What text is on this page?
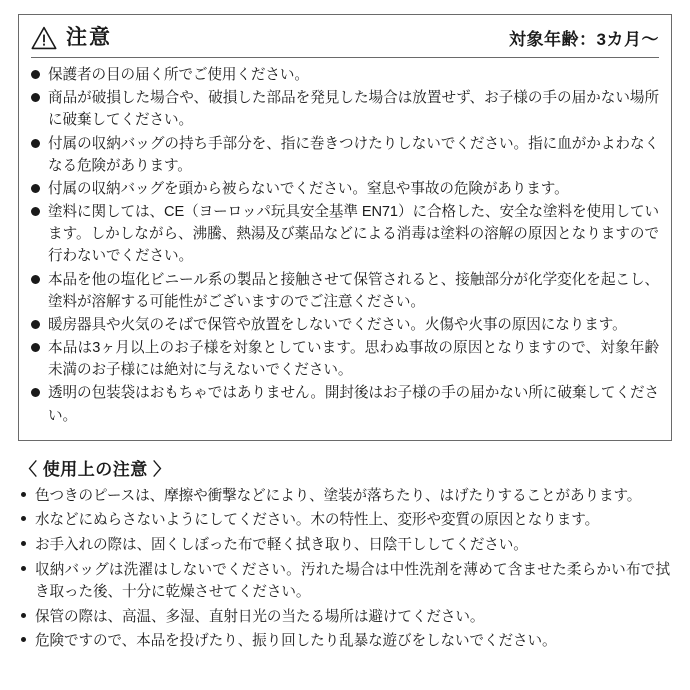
注意	対象年齢：3カ月〜
保護者の目の届く所でご使用ください。
商品が破損した場合や、破損した部品を発見した場合は放置せず、お子様の手の届かない場所に破棄してください。
付属の収納バッグの持ち手部分を、指に巻きつけたりしないでください。指に血がかよわなくなる危険があります。
付属の収納バッグを頭から被らないでください。窒息や事故の危険があります。
塗料に関しては、CE（ヨーロッパ玩具安全基準 EN71）に合格した、安全な塗料を使用しています。しかしながら、沸騰、熱湯及び薬品などによる消毒は塗料の溶解の原因となりますので行わないでください。
本品を他の塩化ビニール系の製品と接触させて保管されると、接触部分が化学変化を起こし、塗料が溶解する可能性がございますのでご注意ください。
暖房器具や火気のそばで保管や放置をしないでください。火傷や火事の原因になります。
本品は3ヶ月以上のお子様を対象としています。思わぬ事故の原因となりますので、対象年齢未満のお子様には絶対に与えないでください。
透明の包装袋はおもちゃではありません。開封後はお子様の手の届かない所に破棄してください。
〈 使用上の注意 〉
色つきのピースは、摩擦や衝撃などにより、塗装が落ちたり、はげたりすることがあります。
水などにぬらさないようにしてください。木の特性上、変形や変質の原因となります。
お手入れの際は、固くしぼった布で軽く拭き取り、日陰干ししてください。
収納バッグは洗濯はしないでください。汚れた場合は中性洗剤を薄めて含ませた柔らかい布で拭き取った後、十分に乾燥させてください。
保管の際は、高温、多湿、直射日光の当たる場所は避けてください。
危険ですので、本品を投げたり、振り回したり乱暴な遊びをしないでください。
